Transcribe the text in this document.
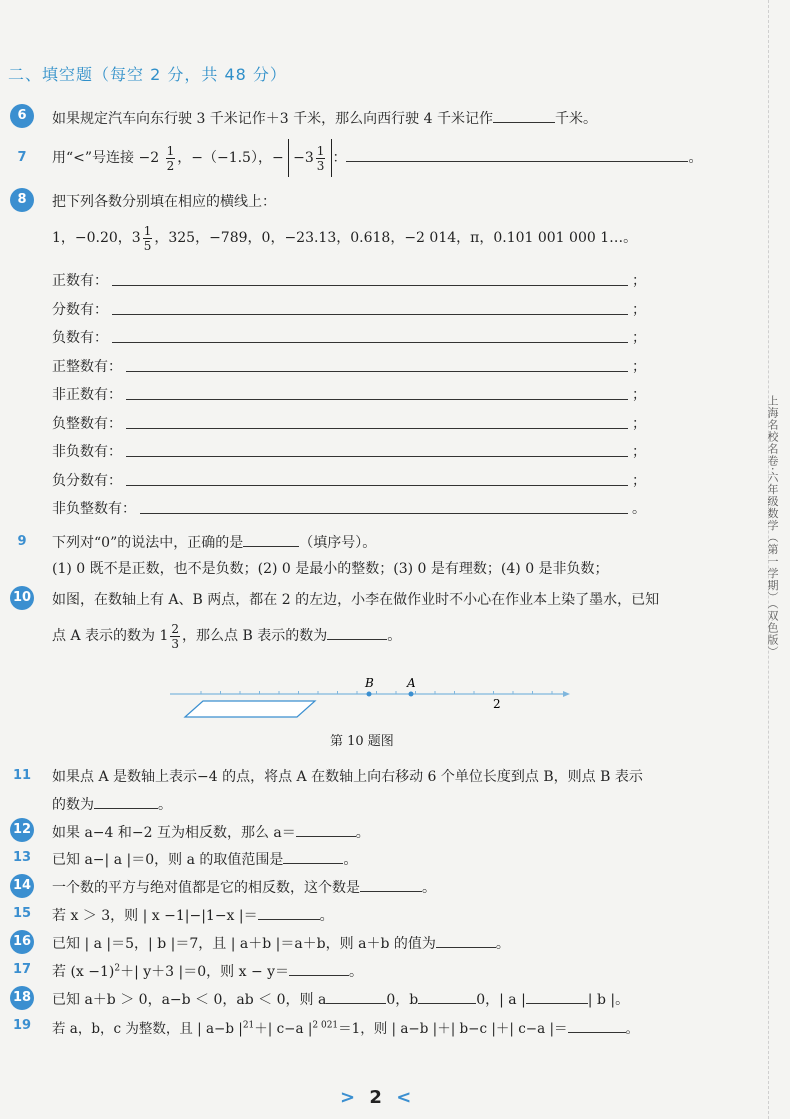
二、填空题（每空 2 分，共 48 分）
6	如果规定汽车向东行驶 3 千米记作＋3 千米，那么向西行驶 4 千米记作	千米。
7	用“<”号连接 $-2 \frac{1}{2}$ ，−（−1.5），− $-3 \frac{1}{3}$ ：	。
8	把下列各数分别填在相应的横线上：
1，−0.20，$3 \frac{1}{5}$ ，325，−789，0，−23.13，0.618，−2 014，π，0.101 001 000 1…。
正数有：	；
分数有：	；
负数有：	；
正整数有：	；
非正数有：	；
负整数有：	；
非负数有：	；
负分数有：	；
非负整数有：	。
9	下列对“0”的说法中，正确的是	（填序号）。
(1) 0 既不是正数，也不是负数；(2) 0 是最小的整数；(3) 0 是有理数；(4) 0 是非负数；
10 如图，在数轴上有 A、B 两点，都在 2 的左边，小李在做作业时不小心在作业本上染了墨水，已知
点 A 表示的数为 $1 \frac{2}{3}$ ，那么点 B 表示的数为	。
B	A
2
第 10 题图
11 如果点 A 是数轴上表示−4 的点，将点 A 在数轴上向右移动 6 个单位长度到点 B，则点 B 表示
的数为	。
12 如果 a−4 和−2 互为相反数，那么 a＝	。
13 已知 a−| a |＝0，则 a 的取值范围是	。
14 一个数的平方与绝对值都是它的相反数，这个数是	。
15 若 x ＞ 3，则 | x −1|−|1−x |＝	。
16 已知 | a |＝5，| b |＝7，且 | a＋b |＝a＋b，则 a＋b 的值为	。
17 若 $(x -1)^2+|$ y＋3 |＝0，则 x − y＝	。
18 已知 a＋b ＞ 0，a−b ＜ 0，ab ＜ 0，则 a	0，b	0，| a |	| b |。
19 若 a，b，c 为整数，且 | a−b $|^{21}+|$ c−a $|^{2 021}=1$，则 | a−b |＋| b−c |＋| c−a |＝	。
上海名校名卷·六年级数学（第一学期）（双色版）
> 2 <
